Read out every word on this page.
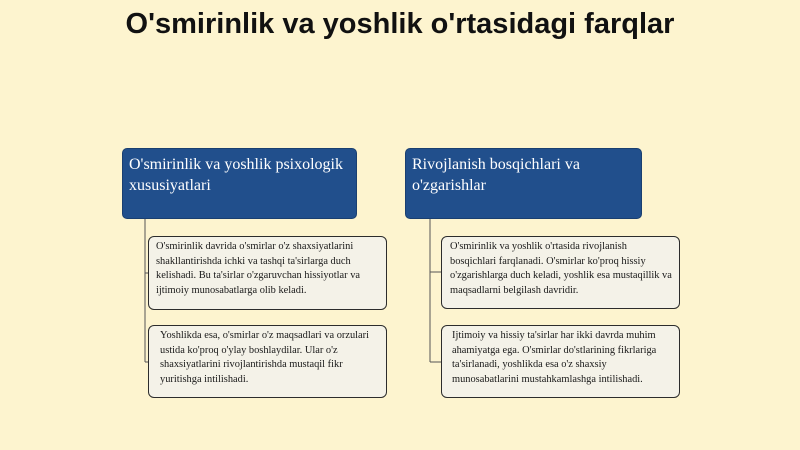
O'smirinlik va yoshlik o'rtasidagi farqlar
O'smirinlik va yoshlik psixologik xususiyatlari
Rivojlanish bosqichlari va o'zgarishlar
O'smirinlik davrida o'smirlar o'z shaxsiyatlarini shakllantirishda ichki va tashqi ta'sirlarga duch kelishadi. Bu ta'sirlar o'zgaruvchan hissiyotlar va ijtimoiy munosabatlarga olib keladi.
Yoshlikda esa, o'smirlar o'z maqsadlari va orzulari ustida ko'proq o'ylay boshlaydilar. Ular o'z shaxsiyatlarini rivojlantirishda mustaqil fikr yuritishga intilishadi.
O'smirinlik va yoshlik o'rtasida rivojlanish bosqichlari farqlanadi. O'smirlar ko'proq hissiy o'zgarishlarga duch keladi, yoshlik esa mustaqillik va maqsadlarni belgilash davridir.
Ijtimoiy va hissiy ta'sirlar har ikki davrda muhim ahamiyatga ega. O'smirlar do'stlarining fikrlariga ta'sirlanadi, yoshlikda esa o'z shaxsiy munosabatlarini mustahkamlashga intilishadi.
